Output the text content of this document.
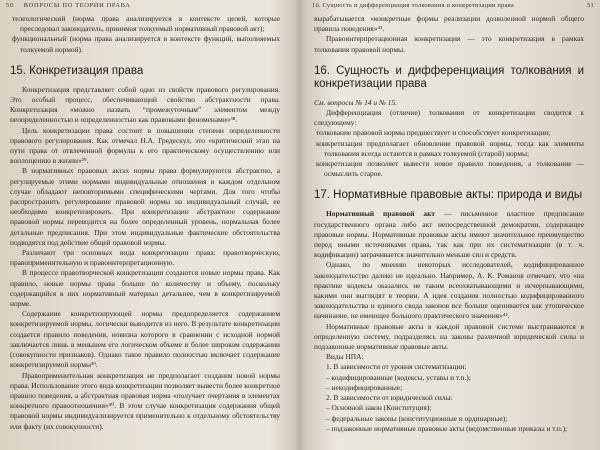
50 ВОПРОСЫ ПО ТЕОРИИ ПРАВА

телеологический (норма права анализируется в контексте целей, которые преследовал законодатель, принимая толкуемый нормативный правовой акт);

функциональный (норма права анализируется в контексте функций, выполняемых толкуемой нормой).

15. Конкретизация права

Конкретизация представляет собой одно из свойств правового регулирования. Это особый процесс, обеспечивающий свойство абстрактности права. Конкретизация «можно назвать “промежуточным” элементом между неопределенностью и определенностью как правовыми феноменами»³⁸.

Цель конкретизации права состоит в повышении степени определенности правового регулирования. Как отмечал Н.А. Гредескул, это «критический этап на пути права от отвлеченной формулы к его практическому осуществлению или воплощению в жизни»³⁹.

В нормативных правовых актах нормы права формулируются абстрактно, а регулируемые этими нормами индивидуальные отношения в каждом отдельном случае обладают неповторимыми специфическими чертами. Для того чтобы распространить регулирование правовой нормы на индивидуальный случай, ее необходимо конкретизировать. При конкретизации абстрактное содержание правовой нормы переводится на более определенный уровень, нормальная более детальные предписания. При этом индивидуальные фактические обстоятельства подводятся под действие общей правовой нормы.

Различают три основных вида конкретизации права: правотворческую, правоприменительную и правоинтерпретационную.

В процессе правотворческой конкретизации создаются новые нормы права. Как правило, новые нормы права больше по количеству и объему, поскольку содержащийся в них нормативный материал детальнее, чем в конкретизируемой норме.

Содержание конкретизирующей нормы предопределяется содержанием конкретизируемой нормы, логически выводится из него. В результате конкретизации создается правило поведения, новизна которого в сравнении с исходной нормой заключается лишь в меньшем его логическом объеме и более широком содержании (совокупности признаков). Однако такое правило полностью включает содержание конкретизируемой нормы³⁹.

Правоприменительная конкретизация не предполагает создания новой нормы права. Использование этого вида конкретизации позволяет вывести более конкретное правило поведения, а абстрактная правовая норма «получает очертания в элементах конкретного правоотношения»⁴⁰. В этом случае конкретизация содержания общей правовой нормы индивидуализируется применительно к отдельному обстоятельству или факту (их совокупности).

16. Сущность и дифференциация толкования и конкретизации права	51

вырабатывается «конкретные формы реализации дозволенной нормой общего правила поведения»⁴¹.

Правоинтерпретационная конкретизация — это конкретизация в рамках толкования правовой нормы.

16. Сущность и дифференциация толкования и конкретизации права

См. вопросы № 14 и № 15.

Дифференциация (отличие) толкования от конкретизации сводится к следующему:

толкование правовой нормы предшествует и способствует конкретизации;

конкретизация предполагает обновление правовой нормы, тогда как элементы толкования всегда остаются в рамках толкуемой (старой) нормы;

конкретизация позволяет вывести новое правило поведения, а толкование — осмыслить старое.

17. Нормативные правовые акты: природа и виды

Нормативный правовой акт — письменное властное предписание государственного органа либо акт непосредственной демократии, содержащее правовые нормы. Нормативные правовые акты имеют значительное преимущество перед иными источниками права, так как при их систематизации (в т. ч. кодификации) затрачивается значительно меньше сил и средств.

Однако, по мнению некоторых исследователей, кодифицированное законодательство далеко не идеально. Например, А. К. Романов отмечает, что «на практике кодексы оказались не таким всеохватывающими и исчерпывающими, какими они выглядят в теории. А идея создания полностью кодифицированного законодательства и единого свода законов все больше оценивается как утопическое начинание, не имеющее большого практического значения»⁴².

Нормативные правовые акты в каждой правовой системе выстраиваются в определенную систему, подразделясь на законы различной юридической силы и подзаконные нормативные правовые акты.

Виды НПА:

1. В зависимости от уровня систематизации:

– кодифицированные (кодексы, уставы и т.п.);

– некодифицированные;

2. В зависимости от юридической силы:

– Основной закон (Конституция);

– федеральные законы (конституционные и ординарные);

– подзаконные нормативные правовые акты (ведомственные приказы и т.п.);
